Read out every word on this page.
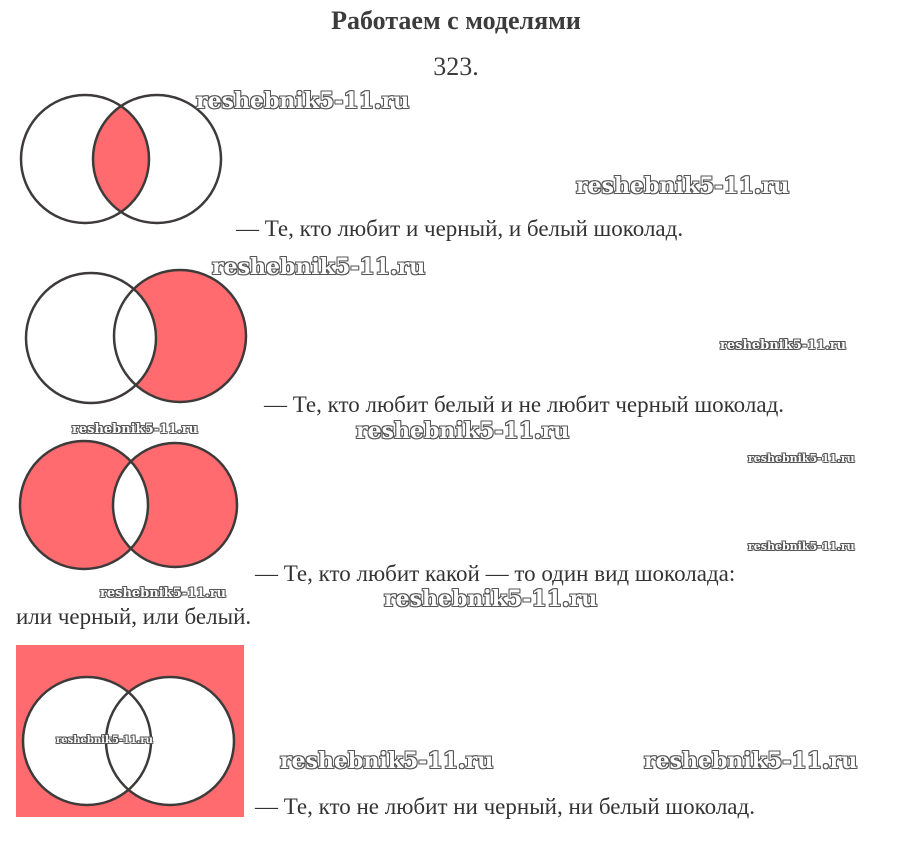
Работаем с моделями
323.
— Те, кто любит и черный, и белый шоколад.
— Те, кто любит белый и не любит черный шоколад.
— Те, кто любит какой — то один вид шоколада:
или черный, или белый.
— Те, кто не любит ни черный, ни белый шоколад.
reshebnik5-11.ru
reshebnik5-11.ru
reshebnik5-11.ru
reshebnik5-11.ru
reshebnik5-11.ru	reshebnik5-11.ru
reshebnik5-11.ru
reshebnik5-11.ru
reshebnik5-11.ru	reshebnik5-11.ru
reshebnik5-11.ru
reshebnik5-11.ru	reshebnik5-11.ru
